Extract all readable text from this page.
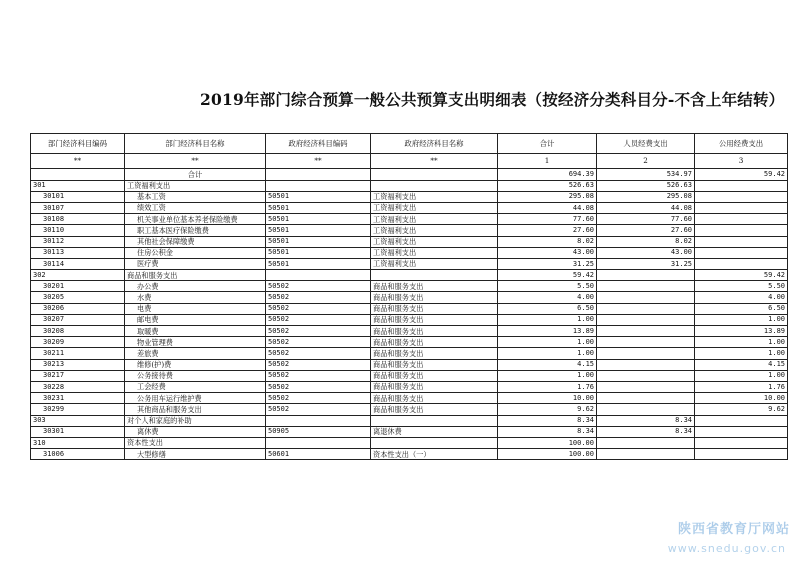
2019年部门综合预算一般公共预算支出明细表（按经济分类科目分-不含上年结转）
部门经济科目编码	部门经济科目名称	政府经济科目编码	政府经济科目名称	合计	人员经费支出	公用经费支出
**	**	**	**	1	2	3
	合计			694.39	534.97	59.42
301	工资福利支出			526.63	526.63	
30101	基本工资	50501	工资福利支出	295.08	295.08	
30107	绩效工资	50501	工资福利支出	44.08	44.08	
30108	机关事业单位基本养老保险缴费	50501	工资福利支出	77.60	77.60	
30110	职工基本医疗保险缴费	50501	工资福利支出	27.60	27.60	
30112	其他社会保障缴费	50501	工资福利支出	8.02	8.02	
30113	住房公积金	50501	工资福利支出	43.00	43.00	
30114	医疗费	50501	工资福利支出	31.25	31.25	
302	商品和服务支出			59.42		59.42
30201	办公费	50502	商品和服务支出	5.50		5.50
30205	水费	50502	商品和服务支出	4.00		4.00
30206	电费	50502	商品和服务支出	6.50		6.50
30207	邮电费	50502	商品和服务支出	1.00		1.00
30208	取暖费	50502	商品和服务支出	13.89		13.89
30209	物业管理费	50502	商品和服务支出	1.00		1.00
30211	差旅费	50502	商品和服务支出	1.00		1.00
30213	维修(护)费	50502	商品和服务支出	4.15		4.15
30217	公务接待费	50502	商品和服务支出	1.00		1.00
30228	工会经费	50502	商品和服务支出	1.76		1.76
30231	公务用车运行维护费	50502	商品和服务支出	10.00		10.00
30299	其他商品和服务支出	50502	商品和服务支出	9.62		9.62
303	对个人和家庭的补助			8.34	8.34	
30301	离休费	50905	离退休费	8.34	8.34	
310	资本性支出			100.00		
31006	大型修缮	50601	资本性支出（一）	100.00		
陕西省教育厅网站
www.snedu.gov.cn
